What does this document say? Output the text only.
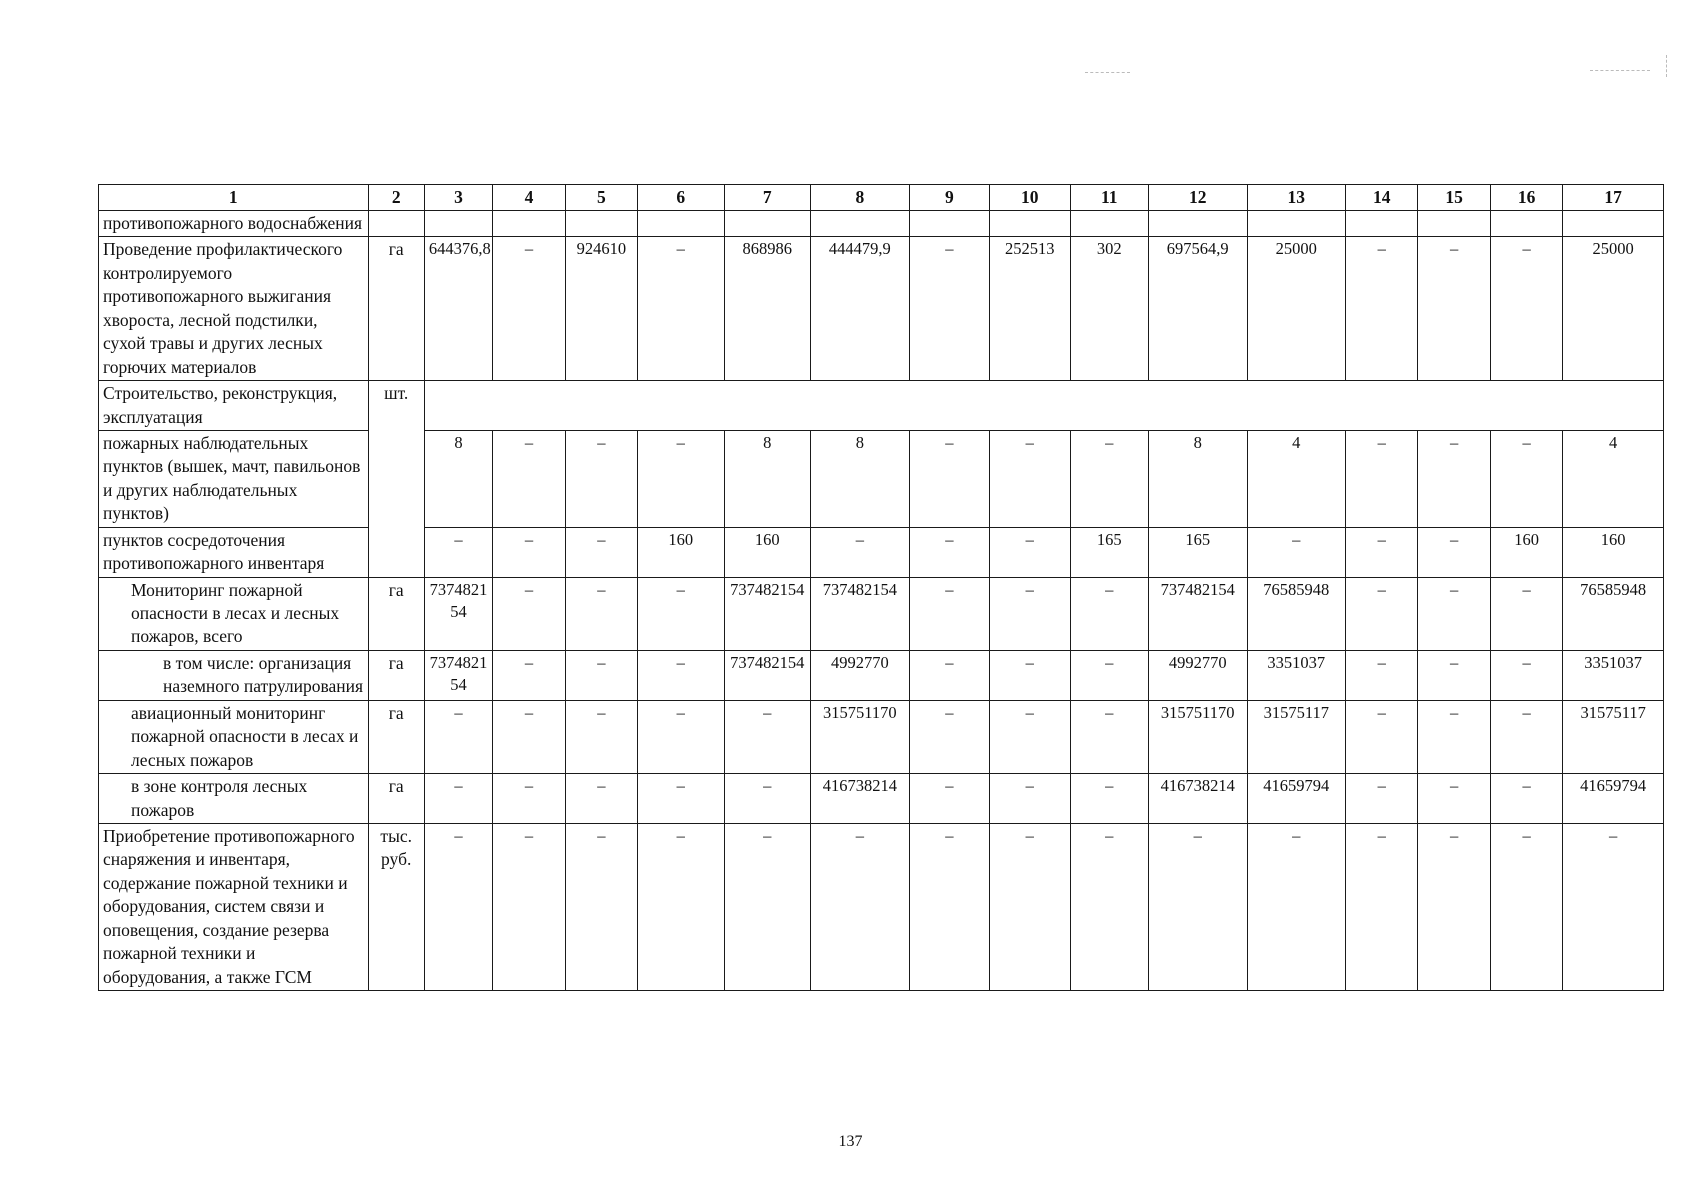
1	2	3	4	5	6	7	8	9	10	11	12	13	14	15	16	17
противопожарного водоснабжения																
Проведение профилактического контролируемого противопожарного выжигания хвороста, лесной подстилки, сухой травы и других лесных горючих материалов	га	644376,8	–	924610	–	868986	444479,9	–	252513	302	697564,9	25000	–	–	–	25000
Строительство, реконструкция, эксплуатация	шт.															
пожарных наблюдательных пунктов (вышек, мачт, павильонов и других наблюдательных пунктов)		8	–	–	–	8	8	–	–	–	8	4	–	–	–	4
пунктов сосредоточения противопожарного инвентаря		–	–	–	160	160	–	–	–	165	165	–	–	–	160	160
Мониторинг пожарной опасности в лесах и лесных пожаров, всего	га	737482154	–	–	–	737482154	737482154	–	–	–	737482154	76585948	–	–	–	76585948
в том числе: организация наземного патрулирования	га	737482154	–	–	–	737482154	4992770	–	–	–	4992770	3351037	–	–	–	3351037
авиационный мониторинг пожарной опасности в лесах и лесных пожаров	га	–	–	–	–	–	315751170	–	–	–	315751170	31575117	–	–	–	31575117
в зоне контроля лесных пожаров	га	–	–	–	–	–	416738214	–	–	–	416738214	41659794	–	–	–	41659794
Приобретение противопожарного снаряжения и инвентаря, содержание пожарной техники и оборудования, систем связи и оповещения, создание резерва пожарной техники и оборудования, а также ГСМ	тыс. руб.	–	–	–	–	–	–	–	–	–	–	–	–	–	–	–
137
